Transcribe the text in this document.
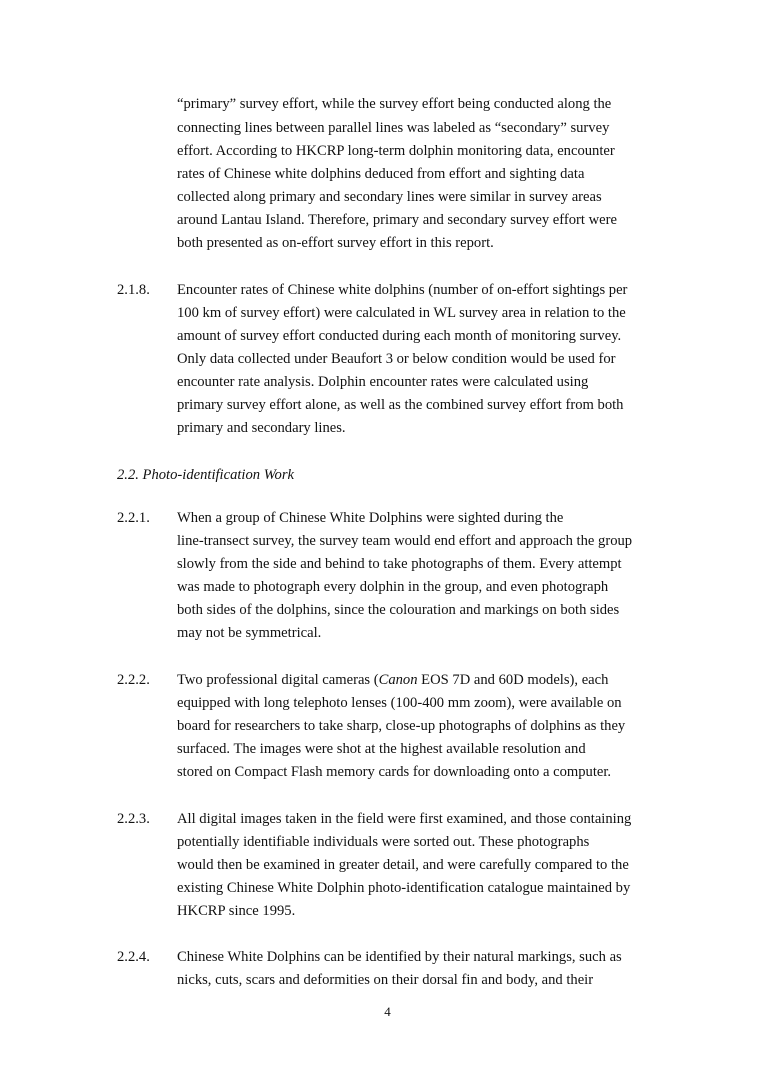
“primary” survey effort, while the survey effort being conducted along the
connecting lines between parallel lines was labeled as “secondary” survey
effort. According to HKCRP long-term dolphin monitoring data, encounter
rates of Chinese white dolphins deduced from effort and sighting data
collected along primary and secondary lines were similar in survey areas
around Lantau Island. Therefore, primary and secondary survey effort were
both presented as on-effort survey effort in this report.
2.1.8. Encounter rates of Chinese white dolphins (number of on-effort sightings per
100 km of survey effort) were calculated in WL survey area in relation to the
amount of survey effort conducted during each month of monitoring survey.
Only data collected under Beaufort 3 or below condition would be used for
encounter rate analysis. Dolphin encounter rates were calculated using
primary survey effort alone, as well as the combined survey effort from both
primary and secondary lines.
2.2. Photo-identification Work
2.2.1. When a group of Chinese White Dolphins were sighted during the
line-transect survey, the survey team would end effort and approach the group
slowly from the side and behind to take photographs of them. Every attempt
was made to photograph every dolphin in the group, and even photograph
both sides of the dolphins, since the colouration and markings on both sides
may not be symmetrical.
2.2.2. Two professional digital cameras (Canon EOS 7D and 60D models), each
equipped with long telephoto lenses (100-400 mm zoom), were available on
board for researchers to take sharp, close-up photographs of dolphins as they
surfaced. The images were shot at the highest available resolution and
stored on Compact Flash memory cards for downloading onto a computer.
2.2.3. All digital images taken in the field were first examined, and those containing
potentially identifiable individuals were sorted out. These photographs
would then be examined in greater detail, and were carefully compared to the
existing Chinese White Dolphin photo-identification catalogue maintained by
HKCRP since 1995.
2.2.4. Chinese White Dolphins can be identified by their natural markings, such as
nicks, cuts, scars and deformities on their dorsal fin and body, and their
4
